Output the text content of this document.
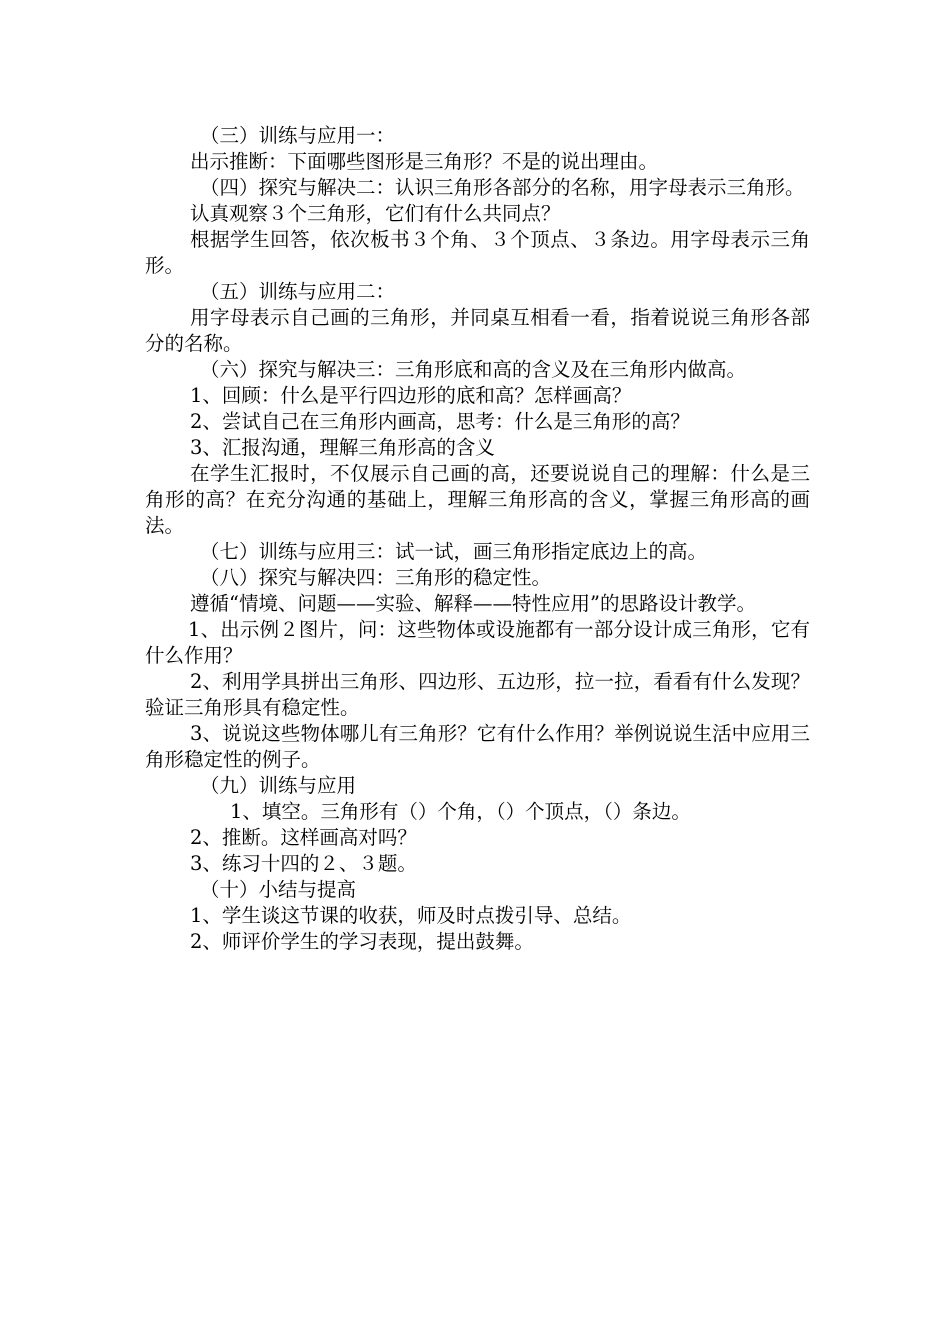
（三）训练与应用一：

出示推断：下面哪些图形是三角形？不是的说出理由。

（四）探究与解决二：认识三角形各部分的名称，用字母表示三角形。

认真观察３个三角形，它们有什么共同点？

根据学生回答，依次板书３个角、３个顶点、３条边。用字母表示三角形。

（五）训练与应用二：

用字母表示自己画的三角形，并同桌互相看一看，指着说说三角形各部分的名称。

（六）探究与解决三：三角形底和高的含义及在三角形内做高。

1、回顾：什么是平行四边形的底和高？怎样画高？

2、尝试自己在三角形内画高，思考：什么是三角形的高？

3、汇报沟通，理解三角形高的含义

在学生汇报时，不仅展示自己画的高，还要说说自己的理解：什么是三角形的高？在充分沟通的基础上，理解三角形高的含义，掌握三角形高的画法。

（七）训练与应用三：试一试，画三角形指定底边上的高。

（八）探究与解决四：三角形的稳定性。

遵循“情境、问题——实验、解释——特性应用”的思路设计教学。

1、出示例２图片，问：这些物体或设施都有一部分设计成三角形，它有什么作用？

2、利用学具拼出三角形、四边形、五边形，拉一拉，看看有什么发现？验证三角形具有稳定性。

3、说说这些物体哪儿有三角形？它有什么作用？举例说说生活中应用三角形稳定性的例子。

（九）训练与应用

1、填空。三角形有（）个角，（）个顶点，（）条边。

2、推断。这样画高对吗？

3、练习十四的２、３题。

（十）小结与提高

1、学生谈这节课的收获，师及时点拨引导、总结。

2、师评价学生的学习表现，提出鼓舞。
